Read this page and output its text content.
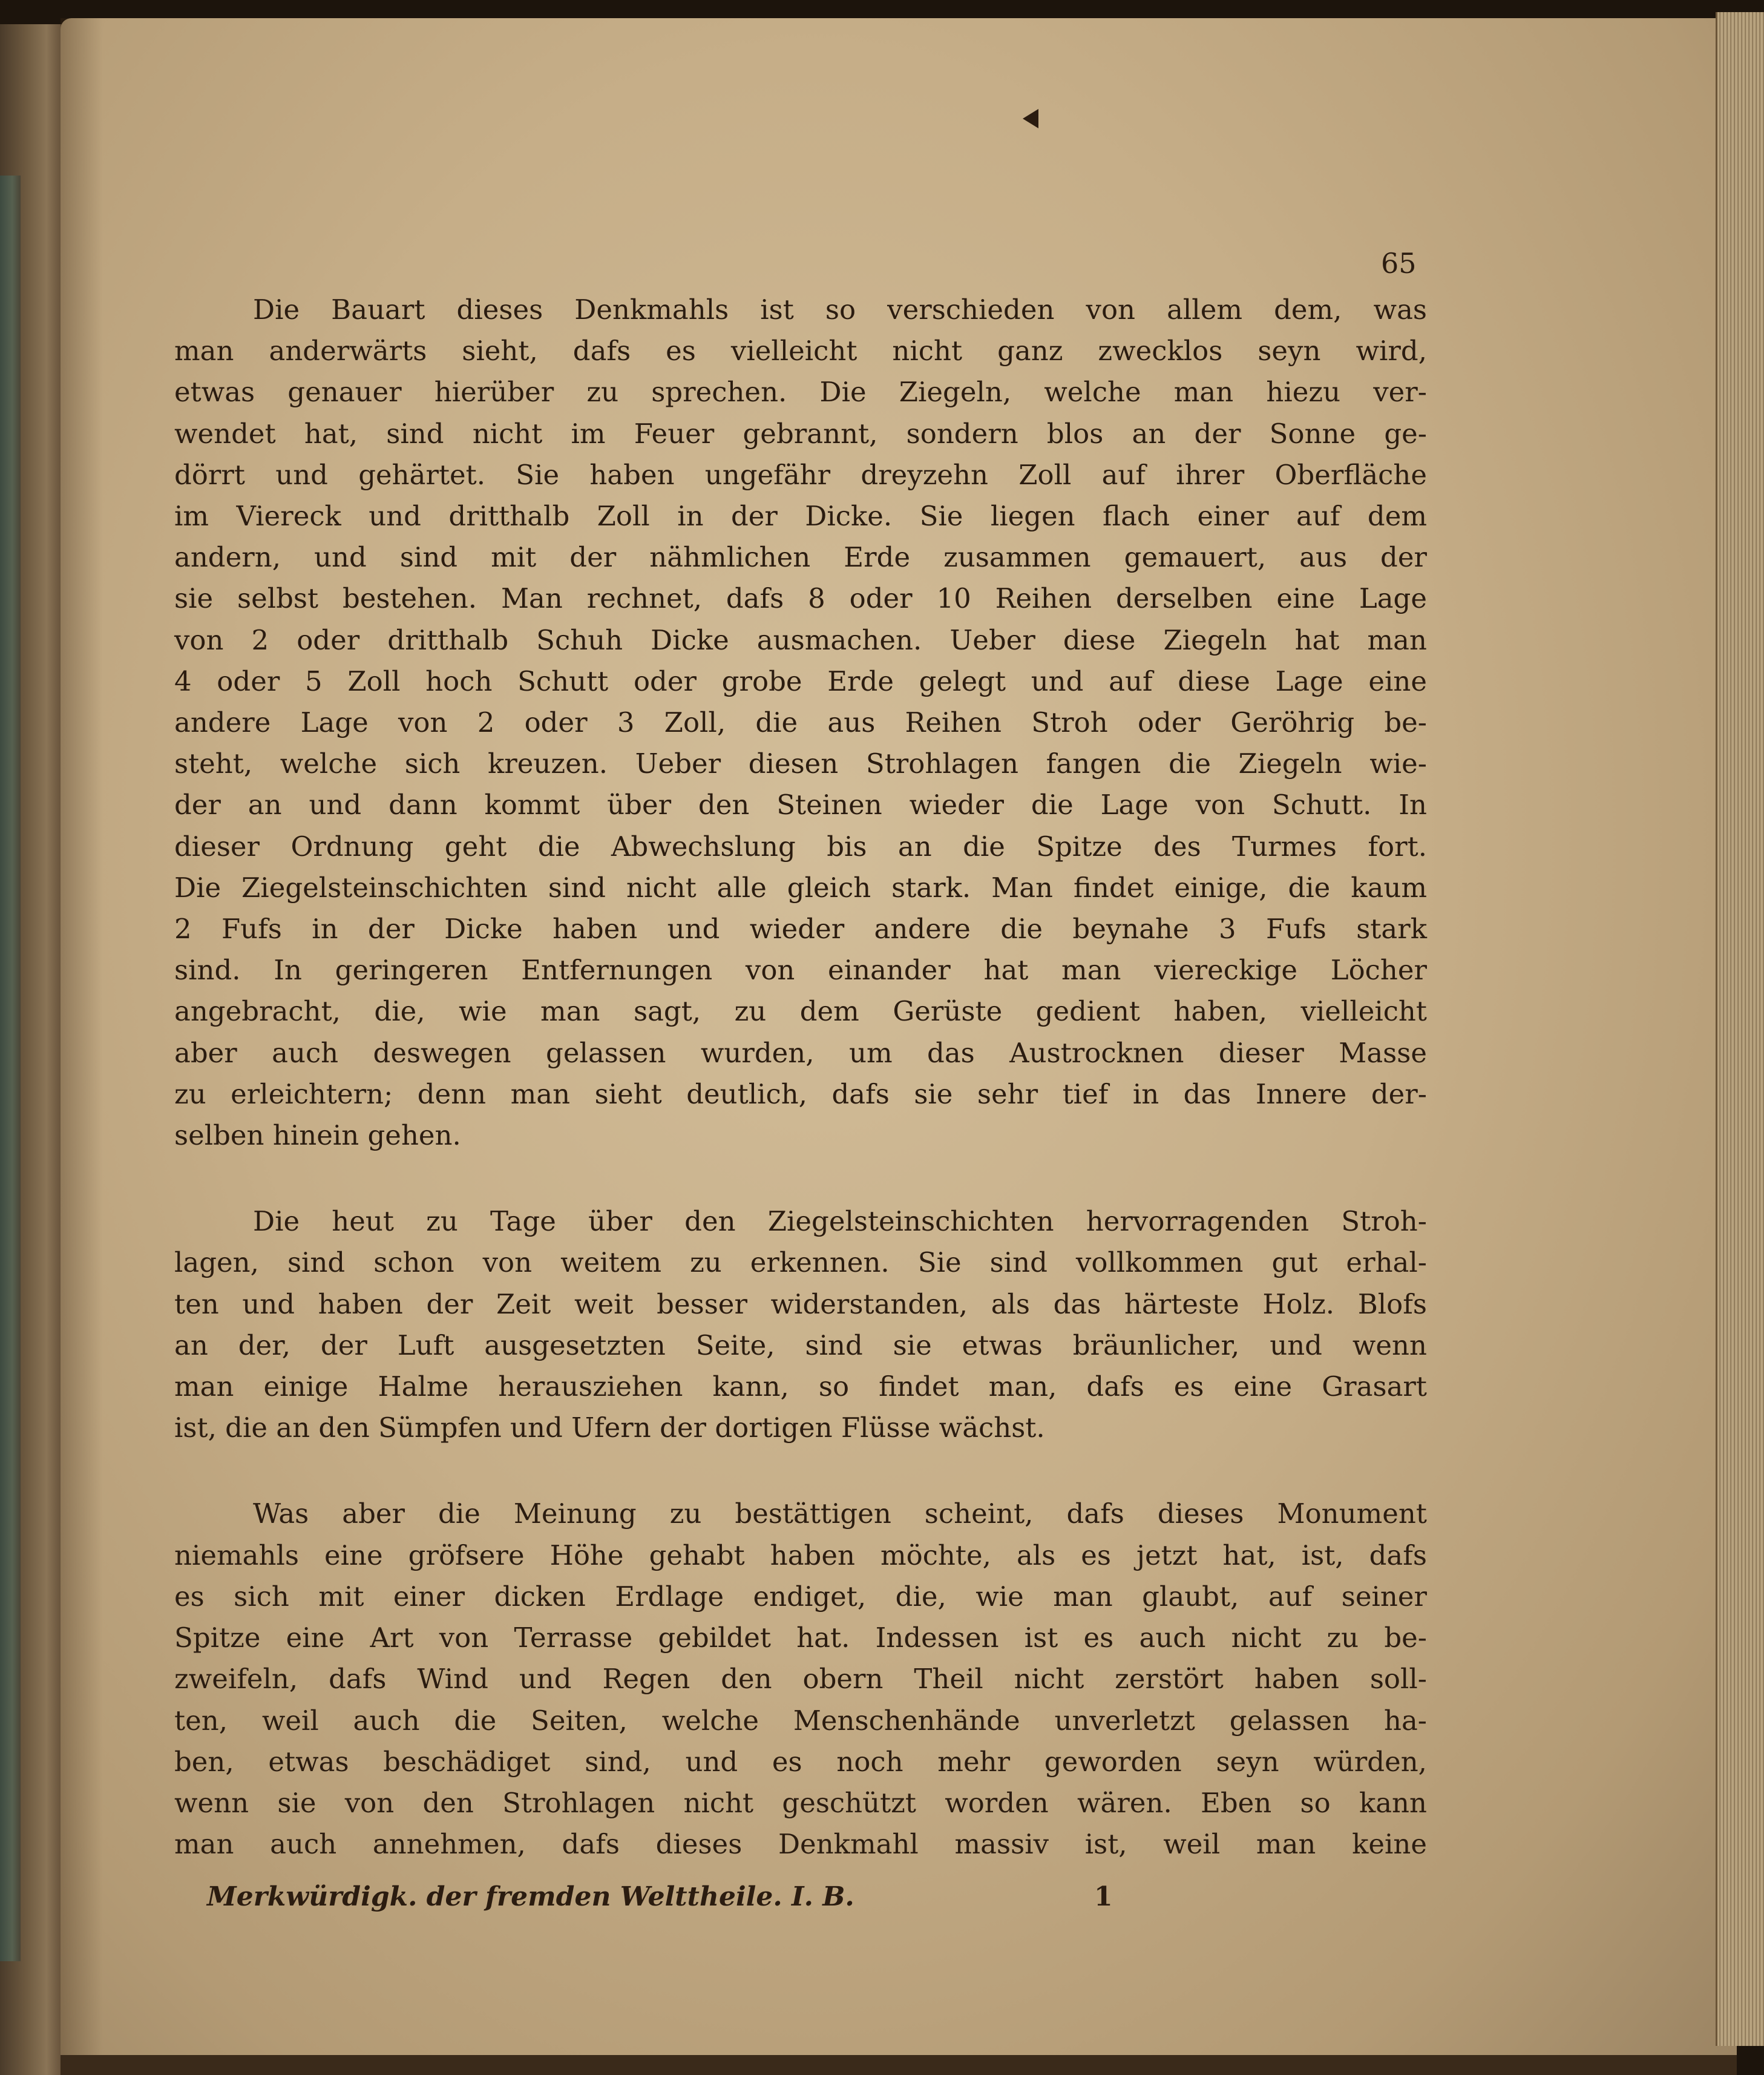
65
Die Bauart dieses Denkmahls ist so verschieden von allem dem, was
man anderwärts sieht, dafs es vielleicht nicht ganz zwecklos seyn wird,
etwas genauer hierüber zu sprechen. Die Ziegeln, welche man hiezu ver-
wendet hat, sind nicht im Feuer gebrannt, sondern blos an der Sonne ge-
dörrt und gehärtet. Sie haben ungefähr dreyzehn Zoll auf ihrer Oberfläche
im Viereck und dritthalb Zoll in der Dicke. Sie liegen flach einer auf dem
andern, und sind mit der nähmlichen Erde zusammen gemauert, aus der
sie selbst bestehen. Man rechnet, dafs 8 oder 10 Reihen derselben eine Lage
von 2 oder dritthalb Schuh Dicke ausmachen. Ueber diese Ziegeln hat man
4 oder 5 Zoll hoch Schutt oder grobe Erde gelegt und auf diese Lage eine
andere Lage von 2 oder 3 Zoll, die aus Reihen Stroh oder Geröhrig be-
steht, welche sich kreuzen. Ueber diesen Strohlagen fangen die Ziegeln wie-
der an und dann kommt über den Steinen wieder die Lage von Schutt. In
dieser Ordnung geht die Abwechslung bis an die Spitze des Turmes fort.
Die Ziegelsteinschichten sind nicht alle gleich stark. Man findet einige, die kaum
2 Fufs in der Dicke haben und wieder andere die beynahe 3 Fufs stark
sind. In geringeren Entfernungen von einander hat man viereckige Löcher
angebracht, die, wie man sagt, zu dem Gerüste gedient haben, vielleicht
aber auch deswegen gelassen wurden, um das Austrocknen dieser Masse
zu erleichtern; denn man sieht deutlich, dafs sie sehr tief in das Innere der-
selben hinein gehen.
Die heut zu Tage über den Ziegelsteinschichten hervorragenden Stroh-
lagen, sind schon von weitem zu erkennen. Sie sind vollkommen gut erhal-
ten und haben der Zeit weit besser widerstanden, als das härteste Holz. Blofs
an der, der Luft ausgesetzten Seite, sind sie etwas bräunlicher, und wenn
man einige Halme herausziehen kann, so findet man, dafs es eine Grasart
ist, die an den Sümpfen und Ufern der dortigen Flüsse wächst.
Was aber die Meinung zu bestättigen scheint, dafs dieses Monument
niemahls eine gröfsere Höhe gehabt haben möchte, als es jetzt hat, ist, dafs
es sich mit einer dicken Erdlage endiget, die, wie man glaubt, auf seiner
Spitze eine Art von Terrasse gebildet hat. Indessen ist es auch nicht zu be-
zweifeln, dafs Wind und Regen den obern Theil nicht zerstört haben soll-
ten, weil auch die Seiten, welche Menschenhände unverletzt gelassen ha-
ben, etwas beschädiget sind, und es noch mehr geworden seyn würden,
wenn sie von den Strohlagen nicht geschützt worden wären. Eben so kann
man auch annehmen, dafs dieses Denkmahl massiv ist, weil man keine
Merkwürdigk. der fremden Welttheile. I. B.	1
